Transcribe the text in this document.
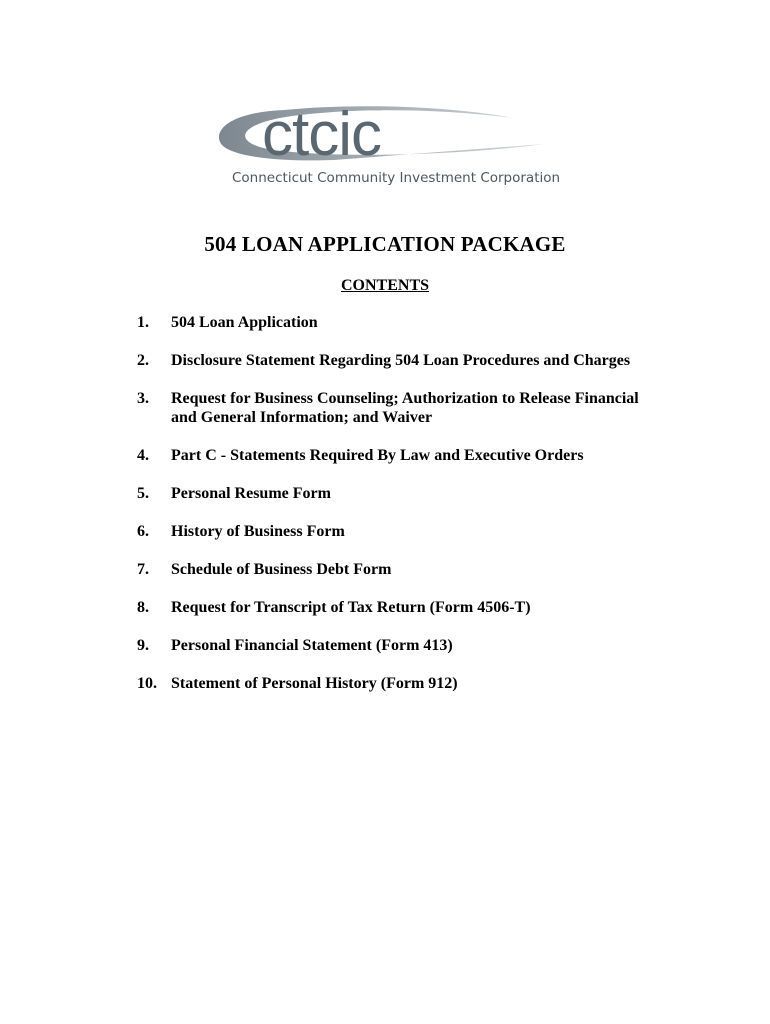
ctcic
Connecticut Community Investment Corporation
504 LOAN APPLICATION PACKAGE
CONTENTS
1.	504 Loan Application
2.	Disclosure Statement Regarding 504 Loan Procedures and Charges
3.	Request for Business Counseling; Authorization to Release Financial and General Information; and Waiver
4.	Part C - Statements Required By Law and Executive Orders
5.	Personal Resume Form
6.	History of Business Form
7.	Schedule of Business Debt Form
8.	Request for Transcript of Tax Return (Form 4506-T)
9.	Personal Financial Statement (Form 413)
10. Statement of Personal History (Form 912)
